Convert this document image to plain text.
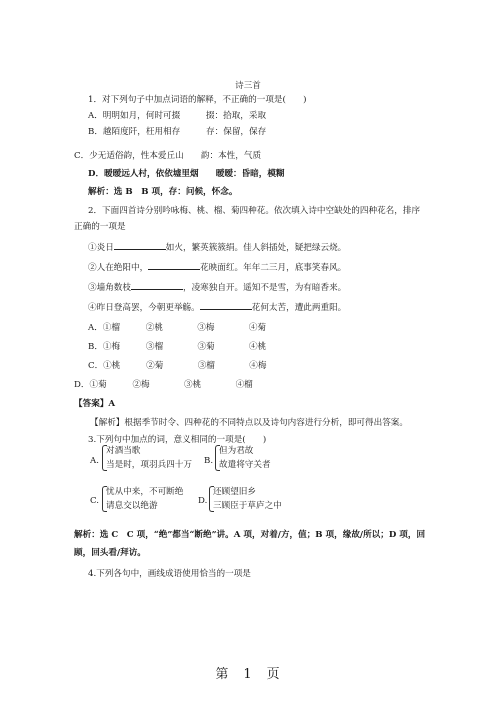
诗三首
1．对下列句子中加点词语的解释，不正确的一项是(　　)
A．明明如月，何时可掇　　　掇：拾取，采取
B．越陌度阡，枉用相存　　　存：保留，保存
C．少无适俗韵，性本爱丘山　　韵：本性，气质
D．暧暧远人村，依依墟里烟　　暧暧：昏暗，模糊
解析：选 B　B 项，存：问候，怀念。
2．下面四首诗分别吟咏梅、桃、榴、菊四种花。依次填入诗中空缺处的四种花名，排序
正确的一项是
①炎日	如火，繁英簇簇绢。佳人斜插处，疑把绿云烧。
②人在绝阳中，	花映面红。年年二三月，底事笑春风。
③墙角数枝	，凌寒独自开。遥知不是雪，为有暗香来。
④昨日登高罢，今朝更举觞。	花何太苦，遭此两重阳。
A．①榴　　　②桃　　　　③梅　　　　④菊
B．①梅　　　③榴　　　　③菊　　　　④桃
C．①桃　　　②菊　　　　③榴　　　　④梅
D．①菊　　　②梅　　　　③桃　　　　④榴
【答案】A
【解析】根据季节时令、四种花的不同特点以及诗句内容进行分析，即可得出答案。
3.下列句中加点的词，意义相同的一项是(　　)
A.
对酒当歌
当是时，项羽兵四十万 B.
但为君故
故遣将守关者
C.
忧从中来，不可断绝
请息交以绝游	D.
还顾望旧乡
三顾臣于草庐之中
解析：选 C　C 项，“绝”都当“断绝”讲。A 项，对着/方，值；B 项，缘故/所以；D 项，回
顾，回头看/拜访。
4.下列各句中，画线成语使用恰当的一项是
第　1　页
